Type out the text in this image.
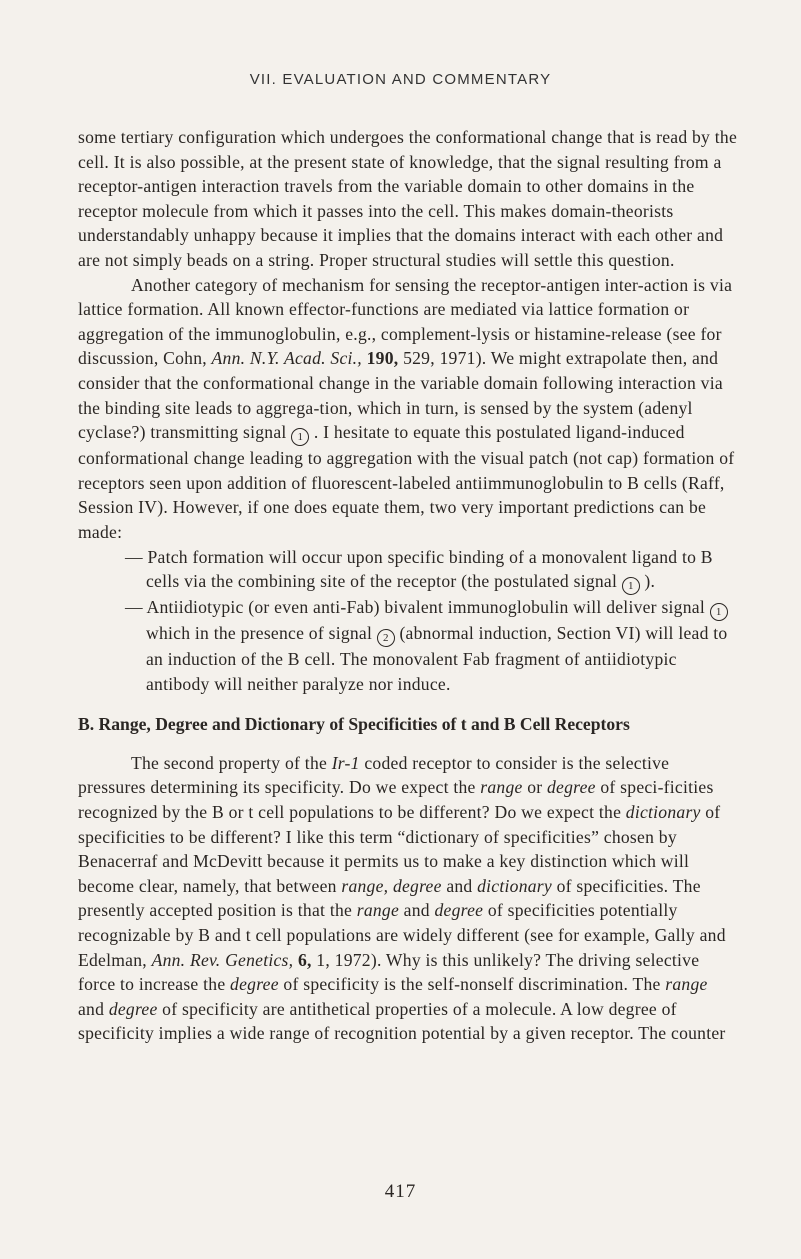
VII. EVALUATION AND COMMENTARY

some tertiary configuration which undergoes the conformational change that is read by the cell. It is also possible, at the present state of knowledge, that the signal resulting from a receptor-antigen interaction travels from the variable domain to other domains in the receptor molecule from which it passes into the cell. This makes domain-theorists understandably unhappy because it implies that the domains interact with each other and are not simply beads on a string. Proper structural studies will settle this question.

Another category of mechanism for sensing the receptor-antigen inter-action is via lattice formation. All known effector-functions are mediated via lattice formation or aggregation of the immunoglobulin, e.g., complement-lysis or histamine-release (see for discussion, Cohn, Ann. N.Y. Acad. Sci., 190, 529, 1971). We might extrapolate then, and consider that the conformational change in the variable domain following interaction via the binding site leads to aggrega-tion, which in turn, is sensed by the system (adenyl cyclase?) transmitting signal 1 . I hesitate to equate this postulated ligand-induced conformational change leading to aggregation with the visual patch (not cap) formation of receptors seen upon addition of fluorescent-labeled antiimmunoglobulin to B cells (Raff, Session IV). However, if one does equate them, two very important predictions can be made:

— Patch formation will occur upon specific binding of a monovalent ligand to B cells via the combining site of the receptor (the postulated signal 1 ).

— Antiidiotypic (or even anti-Fab) bivalent immunoglobulin will deliver signal 1 which in the presence of signal 2 (abnormal induction, Section VI) will lead to an induction of the B cell. The monovalent Fab fragment of antiidiotypic antibody will neither paralyze nor induce.

B. Range, Degree and Dictionary of Specificities of t and B Cell Receptors

The second property of the Ir-1 coded receptor to consider is the selective pressures determining its specificity. Do we expect the range or degree of speci-ficities recognized by the B or t cell populations to be different? Do we expect the dictionary of specificities to be different? I like this term “dictionary of specificities” chosen by Benacerraf and McDevitt because it permits us to make a key distinction which will become clear, namely, that between range, degree and dictionary of specificities. The presently accepted position is that the range and degree of specificities potentially recognizable by B and t cell populations are widely different (see for example, Gally and Edelman, Ann. Rev. Genetics, 6, 1, 1972). Why is this unlikely? The driving selective force to increase the degree of specificity is the self-nonself discrimination. The range and degree of specificity are antithetical properties of a molecule. A low degree of specificity implies a wide range of recognition potential by a given receptor. The counter

417
